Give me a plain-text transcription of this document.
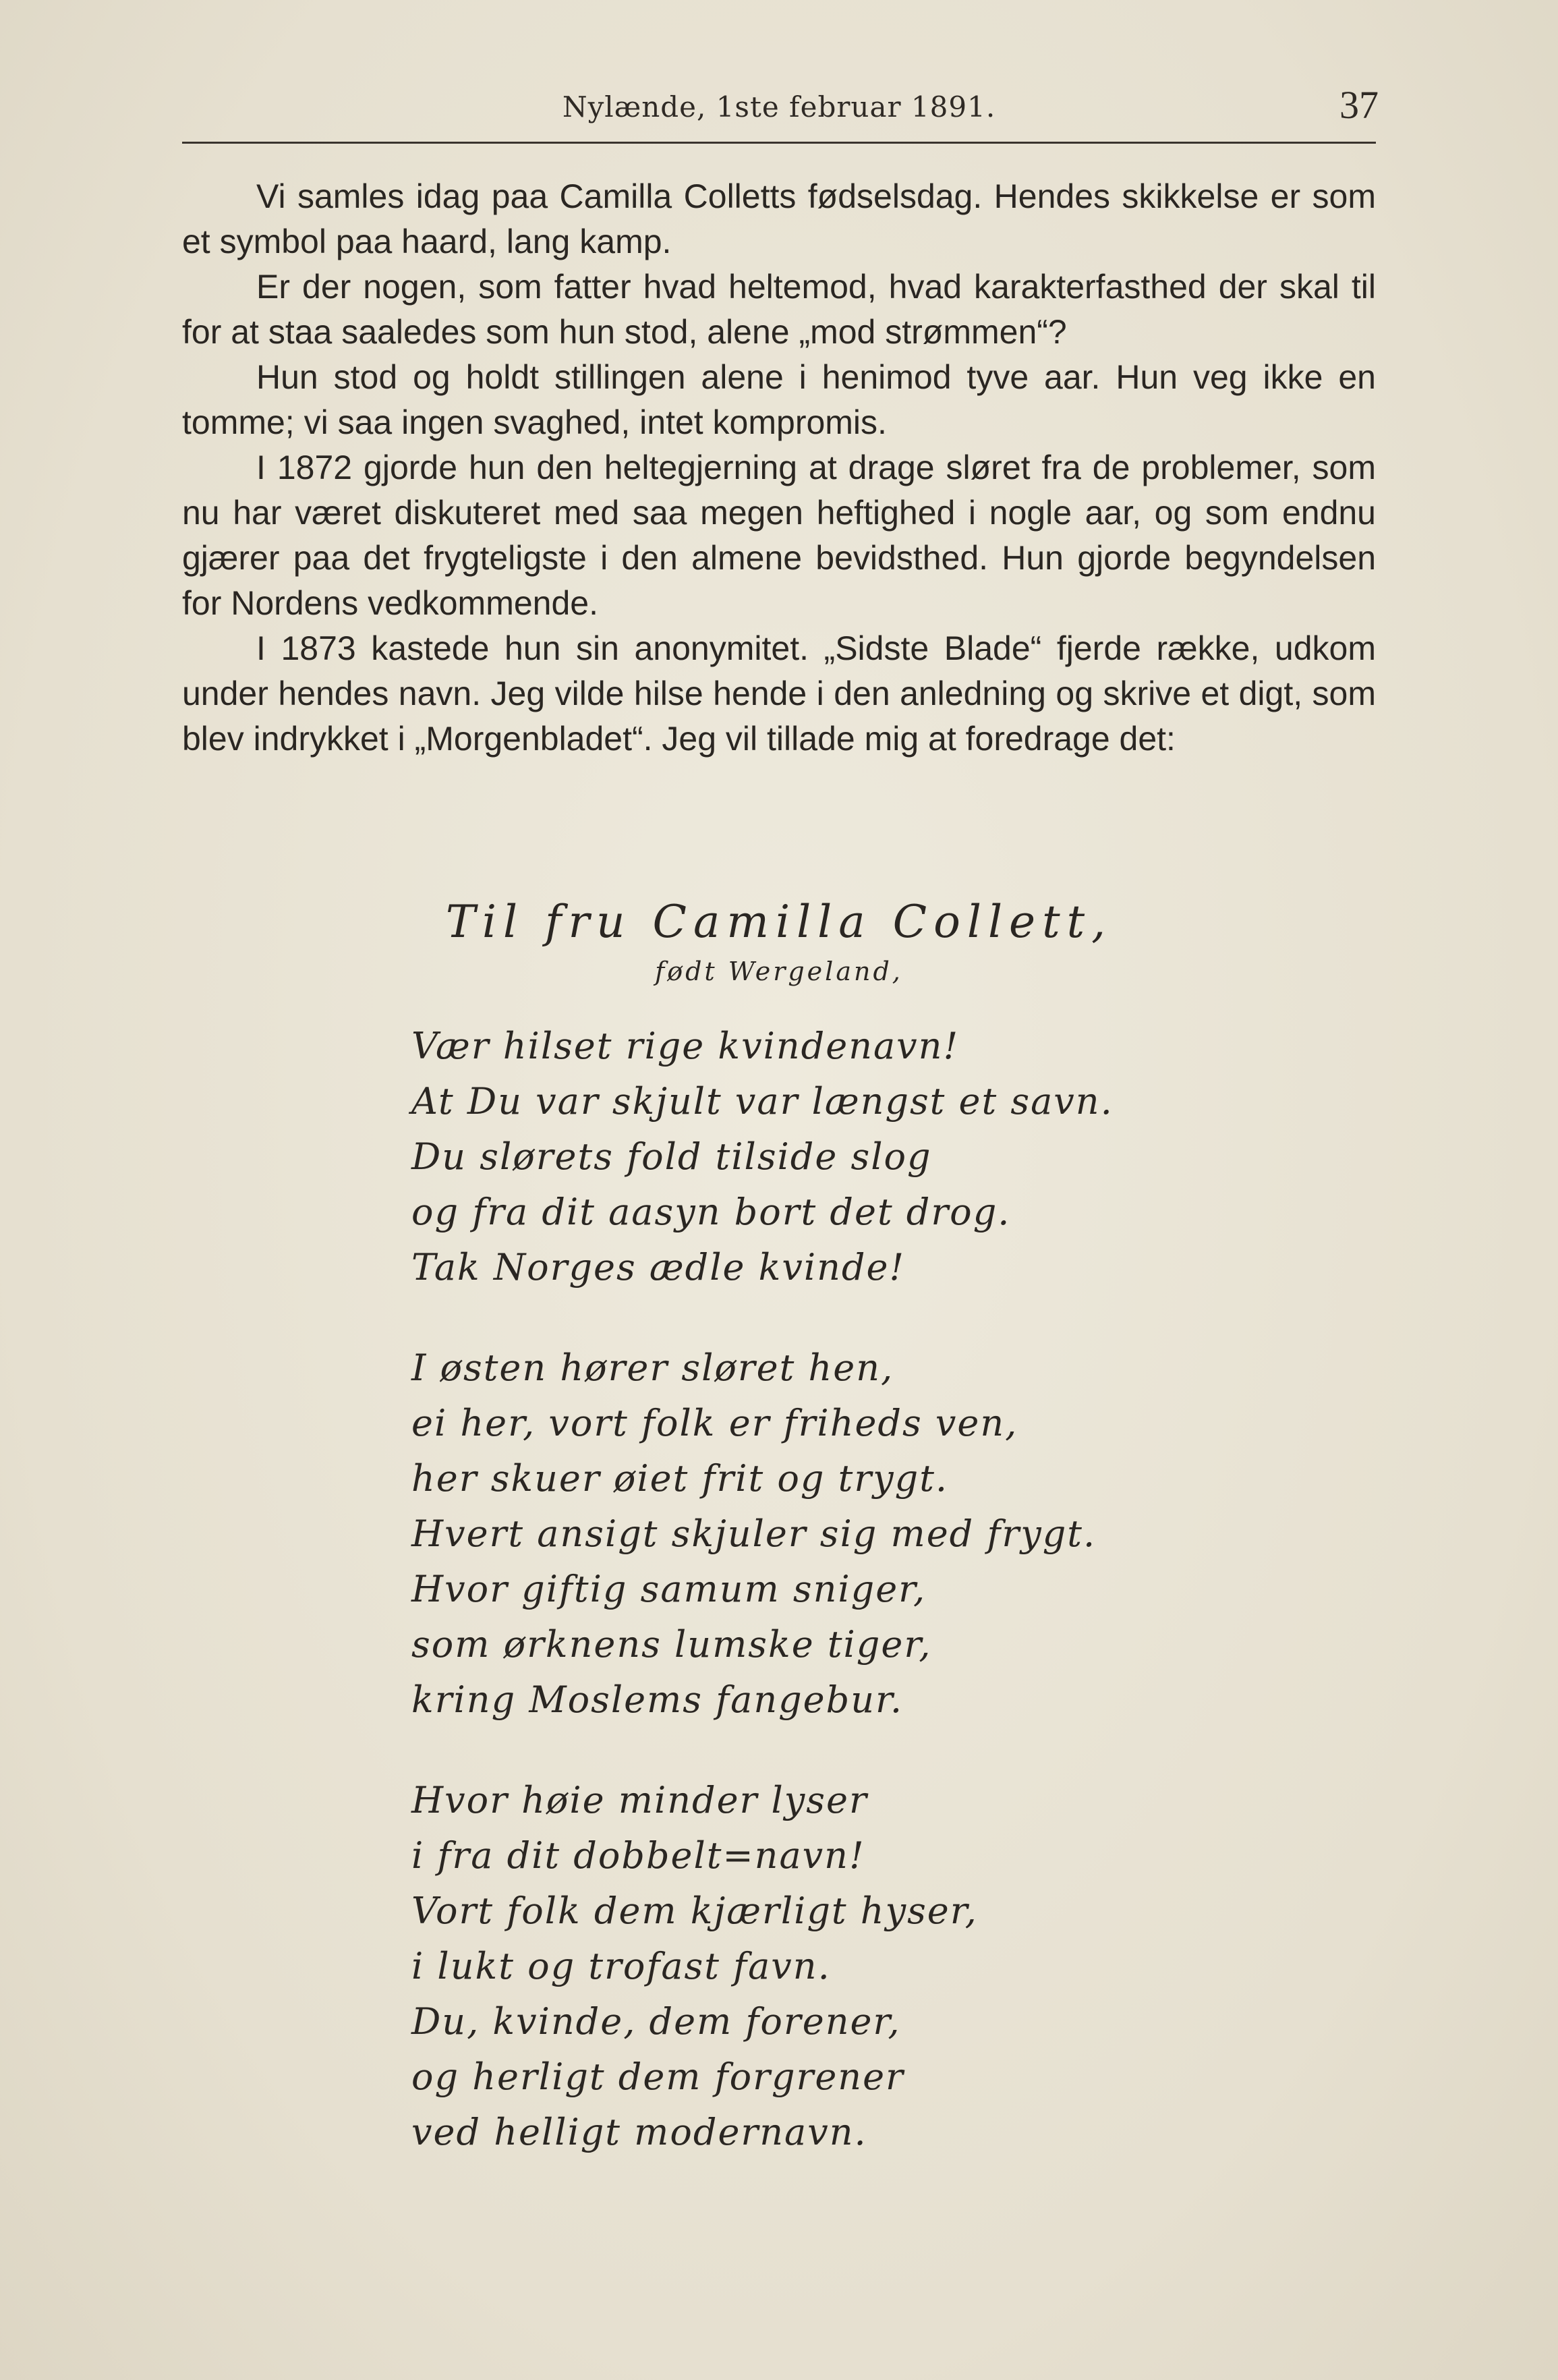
Nylænde, 1ste februar 1891.	37

Vi samles idag paa Camilla Colletts fødselsdag. Hendes skikkelse er som et symbol paa haard, lang kamp.

Er der nogen, som fatter hvad heltemod, hvad karakterfasthed der skal til for at staa saaledes som hun stod, alene „mod strømmen“?

Hun stod og holdt stillingen alene i henimod tyve aar. Hun veg ikke en tomme; vi saa ingen svaghed, intet kompromis.

I 1872 gjorde hun den heltegjerning at drage sløret fra de problemer, som nu har været diskuteret med saa megen heftighed i nogle aar, og som endnu gjærer paa det frygteligste i den almene bevidsthed. Hun gjorde begyndelsen for Nordens vedkommende.

I 1873 kastede hun sin anonymitet. „Sidste Blade“ fjerde række, udkom under hendes navn. Jeg vilde hilse hende i den anledning og skrive et digt, som blev indrykket i „Morgenbladet“. Jeg vil tillade mig at foredrage det:

Til fru Camilla Collett,
født Wergeland,
Vær hilset rige kvindenavn!
At Du var skjult var længst et savn.
Du slørets fold tilside slog
og fra dit aasyn bort det drog.
Tak Norges ædle kvinde!
I østen hører sløret hen,
ei her, vort folk er friheds ven,
her skuer øiet frit og trygt.
Hvert ansigt skjuler sig med frygt.
Hvor giftig samum sniger,
som ørknens lumske tiger,
kring Moslems fangebur.
Hvor høie minder lyser
i fra dit dobbelt=navn!
Vort folk dem kjærligt hyser,
i lukt og trofast favn.
Du, kvinde, dem forener,
og herligt dem forgrener
ved helligt modernavn.
